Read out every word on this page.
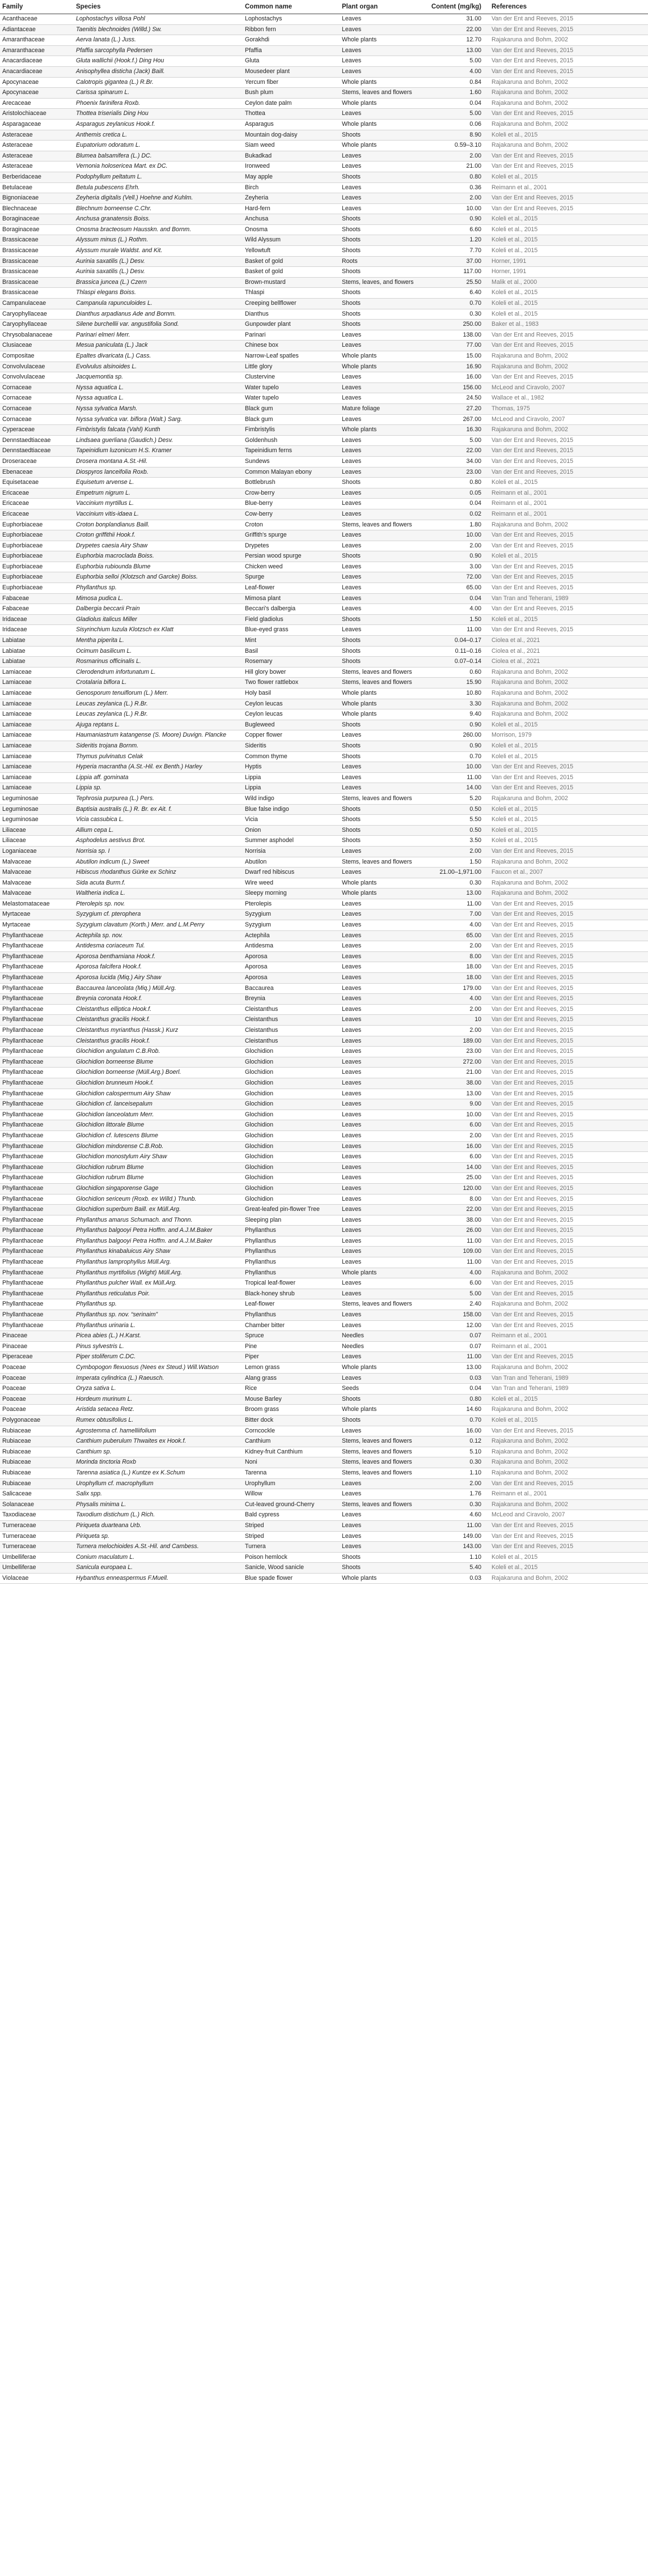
Family	Species	Common name	Plant organ	Content (mg/kg)	References
Acanthaceae	Lophostachys villosa Pohl	Lophostachys	Leaves	31.00	Van der Ent and Reeves, 2015
Adiantaceae	Taenitis blechnoides (Willd.) Sw.	Ribbon fern	Leaves	22.00	Van der Ent and Reeves, 2015
Amaranthaceae	Aerva lanata (L.) Juss.	Gorakhdi	Whole plants	12.70	Rajakaruna and Bohm, 2002
Amaranthaceae	Pfaffia sarcophylla Pedersen	Pfaffia	Leaves	13.00	Van der Ent and Reeves, 2015
Anacardiaceae	Gluta wallichii (Hook.f.) Ding Hou	Gluta	Leaves	5.00	Van der Ent and Reeves, 2015
Anacardiaceae	Anisophyllea disticha (Jack) Baill.	Mousedeer plant	Leaves	4.00	Van der Ent and Reeves, 2015
Apocynaceae	Calotropis gigantea (L.) R.Br.	Yercum fiber	Whole plants	0.84	Rajakaruna and Bohm, 2002
Apocynaceae	Carissa spinarum L.	Bush plum	Stems, leaves and flowers	1.60	Rajakaruna and Bohm, 2002
Arecaceae	Phoenix farinifera Roxb.	Ceylon date palm	Whole plants	0.04	Rajakaruna and Bohm, 2002
Aristolochiaceae	Thottea triserialis Ding Hou	Thottea	Leaves	5.00	Van der Ent and Reeves, 2015
Asparagaceae	Asparagus zeylanicus Hook.f.	Asparagus	Whole plants	0.06	Rajakaruna and Bohm, 2002
Asteraceae	Anthemis cretica L.	Mountain dog-daisy	Shoots	8.90	Koleli et al., 2015
Asteraceae	Eupatorium odoratum L.	Siam weed	Whole plants	0.59–3.10	Rajakaruna and Bohm, 2002
Asteraceae	Blumea balsamifera (L.) DC.	Bukadkad	Leaves	2.00	Van der Ent and Reeves, 2015
Asteraceae	Vernonia holosericea Mart. ex DC.	Ironweed	Leaves	21.00	Van der Ent and Reeves, 2015
Berberidaceae	Podophyllum peltatum L.	May apple	Shoots	0.80	Koleli et al., 2015
Betulaceae	Betula pubescens Ehrh.	Birch	Leaves	0.36	Reimann et al., 2001
Bignoniaceae	Zeyheria digitalis (Vell.) Hoehne and Kuhlm.	Zeyheria	Leaves	2.00	Van der Ent and Reeves, 2015
Blechnaceae	Blechnum borneense C.Chr.	Hard-fern	Leaves	10.00	Van der Ent and Reeves, 2015
Boraginaceae	Anchusa granatensis Boiss.	Anchusa	Shoots	0.90	Koleli et al., 2015
Boraginaceae	Onosma bracteosum Hausskn. and Bornm.	Onosma	Shoots	6.60	Koleli et al., 2015
Brassicaceae	Alyssum minus (L.) Rothm.	Wild Alyssum	Shoots	1.20	Koleli et al., 2015
Brassicaceae	Alyssum murale Waldst. and Kit.	Yellowtuft	Shoots	7.70	Koleli et al., 2015
Brassicaceae	Aurinia saxatilis (L.) Desv.	Basket of gold	Roots	37.00	Horner, 1991
Brassicaceae	Aurinia saxatilis (L.) Desv.	Basket of gold	Shoots	117.00	Horner, 1991
Brassicaceae	Brassica juncea (L.) Czern	Brown-mustard	Stems, leaves, and flowers	25.50	Malik et al., 2000
Brassicaceae	Thlaspi elegans Boiss.	Thlaspi	Shoots	6.40	Koleli et al., 2015
Campanulaceae	Campanula rapunculoides L.	Creeping bellflower	Shoots	0.70	Koleli et al., 2015
Caryophyllaceae	Dianthus arpadianus Ade and Bornm.	Dianthus	Shoots	0.30	Koleli et al., 2015
Caryophyllaceae	Silene burchellii var. angustifolia Sond.	Gunpowder plant	Shoots	250.00	Baker et al., 1983
Chrysobalanaceae	Parinari elmeri Merr.	Parinari	Leaves	138.00	Van der Ent and Reeves, 2015
Clusiaceae	Mesua paniculata (L.) Jack	Chinese box	Leaves	77.00	Van der Ent and Reeves, 2015
Compositae	Epaltes divaricata (L.) Cass.	Narrow-Leaf spatles	Whole plants	15.00	Rajakaruna and Bohm, 2002
Convolvulaceae	Evolvulus alsinoides L.	Little glory	Whole plants	16.90	Rajakaruna and Bohm, 2002
Convolvulaceae	Jacquemontia sp.	Clustervine	Leaves	16.00	Van der Ent and Reeves, 2015
Cornaceae	Nyssa aquatica L.	Water tupelo	Leaves	156.00	McLeod and Ciravolo, 2007
Cornaceae	Nyssa aquatica L.	Water tupelo	Leaves	24.50	Wallace et al., 1982
Cornaceae	Nyssa sylvatica Marsh.	Black gum	Mature foliage	27.20	Thomas, 1975
Cornaceae	Nyssa sylvatica var. biflora (Walt.) Sarg.	Black gum	Leaves	267.00	McLeod and Ciravolo, 2007
Cyperaceae	Fimbristylis falcata (Vahl) Kunth	Fimbristylis	Whole plants	16.30	Rajakaruna and Bohm, 2002
Dennstaedtiaceae	Lindsaea guerliana (Gaudich.) Desv.	Goldenhush	Leaves	5.00	Van der Ent and Reeves, 2015
Dennstaedtiaceae	Tapeinidium luzonicum H.S. Kramer	Tapeinidium ferns	Leaves	22.00	Van der Ent and Reeves, 2015
Droseraceae	Drosera montana A.St.-Hil.	Sundews	Leaves	34.00	Van der Ent and Reeves, 2015
Ebenaceae	Diospyros lanceifolia Roxb.	Common Malayan ebony	Leaves	23.00	Van der Ent and Reeves, 2015
Equisetaceae	Equisetum arvense L.	Bottlebrush	Shoots	0.80	Koleli et al., 2015
Ericaceae	Empetrum nigrum L.	Crow-berry	Leaves	0.05	Reimann et al., 2001
Ericaceae	Vaccinium myrtillus L.	Blue-berry	Leaves	0.04	Reimann et al., 2001
Ericaceae	Vaccinium vitis-idaea L.	Cow-berry	Leaves	0.02	Reimann et al., 2001
Euphorbiaceae	Croton bonplandianus Baill.	Croton	Stems, leaves and flowers	1.80	Rajakaruna and Bohm, 2002
Euphorbiaceae	Croton griffithii Hook.f.	Griffith's spurge	Leaves	10.00	Van der Ent and Reeves, 2015
Euphorbiaceae	Drypetes caesia Airy Shaw	Drypetes	Leaves	2.00	Van der Ent and Reeves, 2015
Euphorbiaceae	Euphorbia macroclada Boiss.	Persian wood spurge	Shoots	0.90	Koleli et al., 2015
Euphorbiaceae	Euphorbia rubiounda Blume	Chicken weed	Leaves	3.00	Van der Ent and Reeves, 2015
Euphorbiaceae	Euphorbia selloi (Klotzsch and Garcke) Boiss.	Spurge	Leaves	72.00	Van der Ent and Reeves, 2015
Euphorbiaceae	Phyllanthus sp.	Leaf-flower	Leaves	65.00	Van der Ent and Reeves, 2015
Fabaceae	Mimosa pudica L.	Mimosa plant	Leaves	0.04	Van Tran and Teherani, 1989
Fabaceae	Dalbergia beccarii Prain	Beccari's dalbergia	Leaves	4.00	Van der Ent and Reeves, 2015
Iridaceae	Gladiolus italicus Miller	Field gladiolus	Shoots	1.50	Koleli et al., 2015
Iridaceae	Sisyrinchium luzula Klotzsch ex Klatt	Blue-eyed grass	Leaves	11.00	Van der Ent and Reeves, 2015
Labiatae	Mentha piperita L.	Mint	Shoots	0.04–0.17	Ciolea et al., 2021
Labiatae	Ocimum basilicum L.	Basil	Shoots	0.11–0.16	Ciolea et al., 2021
Labiatae	Rosmarinus officinalis L.	Rosemary	Shoots	0.07–0.14	Ciolea et al., 2021
Lamiaceae	Clerodendrum infortunatum L.	Hill glory bower	Stems, leaves and flowers	0.60	Rajakaruna and Bohm, 2002
Lamiaceae	Crotalaria biflora L.	Two flower rattlebox	Stems, leaves and flowers	15.90	Rajakaruna and Bohm, 2002
Lamiaceae	Genosporum tenuiflorum (L.) Merr.	Holy basil	Whole plants	10.80	Rajakaruna and Bohm, 2002
Lamiaceae	Leucas zeylanica (L.) R.Br.	Ceylon leucas	Whole plants	3.30	Rajakaruna and Bohm, 2002
Lamiaceae	Leucas zeylanica (L.) R.Br.	Ceylon leucas	Whole plants	9.40	Rajakaruna and Bohm, 2002
Lamiaceae	Ajuga reptans L.	Bugleweed	Shoots	0.90	Koleli et al., 2015
Lamiaceae	Haumaniastrum katangense (S. Moore) Duvign. Plancke	Copper flower	Leaves	260.00	Morrison, 1979
Lamiaceae	Sideritis trojana Bornm.	Sideritis	Shoots	0.90	Koleli et al., 2015
Lamiaceae	Thymus pulvinatus Celak	Common thyme	Shoots	0.70	Koleli et al., 2015
Lamiaceae	Hyperia macrantha (A.St.-Hil. ex Benth.) Harley	Hyptis	Leaves	10.00	Van der Ent and Reeves, 2015
Lamiaceae	Lippia aff. gominata	Lippia	Leaves	11.00	Van der Ent and Reeves, 2015
Lamiaceae	Lippia sp.	Lippia	Leaves	14.00	Van der Ent and Reeves, 2015
Leguminosae	Tephrosia purpurea (L.) Pers.	Wild indigo	Stems, leaves and flowers	5.20	Rajakaruna and Bohm, 2002
Leguminosae	Baptisia australis (L.) R. Br. ex Ait. f.	Blue false indigo	Shoots	0.50	Koleli et al., 2015
Leguminosae	Vicia cassubica L.	Vicia	Shoots	5.50	Koleli et al., 2015
Liliaceae	Allium cepa L.	Onion	Shoots	0.50	Koleli et al., 2015
Liliaceae	Asphodelus aestivus Brot.	Summer asphodel	Shoots	3.50	Koleli et al., 2015
Loganiaceae	Norrisia sp. I	Norrisia	Leaves	2.00	Van der Ent and Reeves, 2015
Malvaceae	Abutilon indicum (L.) Sweet	Abutilon	Stems, leaves and flowers	1.50	Rajakaruna and Bohm, 2002
Malvaceae	Hibiscus rhodanthus Gürke ex Schinz	Dwarf red hibiscus	Leaves	21.00–1,971.00	Faucon et al., 2007
Malvaceae	Sida acuta Burm.f.	Wire weed	Whole plants	0.30	Rajakaruna and Bohm, 2002
Malvaceae	Waltheria indica L.	Sleepy morning	Whole plants	13.00	Rajakaruna and Bohm, 2002
Melastomataceae	Pterolepis sp. nov.	Pterolepis	Leaves	11.00	Van der Ent and Reeves, 2015
Myrtaceae	Syzygium cf. pterophera	Syzygium	Leaves	7.00	Van der Ent and Reeves, 2015
Myrtaceae	Syzygium clavatum (Korth.) Merr. and L.M.Perry	Syzygium	Leaves	4.00	Van der Ent and Reeves, 2015
Phyllanthaceae	Actephila sp. nov.	Actephila	Leaves	65.00	Van der Ent and Reeves, 2015
Phyllanthaceae	Antidesma coriaceum Tul.	Antidesma	Leaves	2.00	Van der Ent and Reeves, 2015
Phyllanthaceae	Aporosa benthamiana Hook.f.	Aporosa	Leaves	8.00	Van der Ent and Reeves, 2015
Phyllanthaceae	Aporosa falcifera Hook.f.	Aporosa	Leaves	18.00	Van der Ent and Reeves, 2015
Phyllanthaceae	Aporosa lucida (Miq.) Airy Shaw	Aporosa	Leaves	18.00	Van der Ent and Reeves, 2015
Phyllanthaceae	Baccaurea lanceolata (Miq.) Müll.Arg.	Baccaurea	Leaves	179.00	Van der Ent and Reeves, 2015
Phyllanthaceae	Breynia coronata Hook.f.	Breynia	Leaves	4.00	Van der Ent and Reeves, 2015
Phyllanthaceae	Cleistanthus elliptica Hook.f.	Cleistanthus	Leaves	2.00	Van der Ent and Reeves, 2015
Phyllanthaceae	Cleistanthus gracilis Hook.f.	Cleistanthus	Leaves	10	Van der Ent and Reeves, 2015
Phyllanthaceae	Cleistanthus myrianthus (Hassk.) Kurz	Cleistanthus	Leaves	2.00	Van der Ent and Reeves, 2015
Phyllanthaceae	Cleistanthus gracilis Hook.f.	Cleistanthus	Leaves	189.00	Van der Ent and Reeves, 2015
Phyllanthaceae	Glochidion angulatum C.B.Rob.	Glochidion	Leaves	23.00	Van der Ent and Reeves, 2015
Phyllanthaceae	Glochidion borneense Blume	Glochidion	Leaves	272.00	Van der Ent and Reeves, 2015
Phyllanthaceae	Glochidion borneense (Müll.Arg.) Boerl.	Glochidion	Leaves	21.00	Van der Ent and Reeves, 2015
Phyllanthaceae	Glochidion brunneum Hook.f.	Glochidion	Leaves	38.00	Van der Ent and Reeves, 2015
Phyllanthaceae	Glochidion calospermum Airy Shaw	Glochidion	Leaves	13.00	Van der Ent and Reeves, 2015
Phyllanthaceae	Glochidion cf. lanceisepalum	Glochidion	Leaves	9.00	Van der Ent and Reeves, 2015
Phyllanthaceae	Glochidion lanceolatum Merr.	Glochidion	Leaves	10.00	Van der Ent and Reeves, 2015
Phyllanthaceae	Glochidion littorale Blume	Glochidion	Leaves	6.00	Van der Ent and Reeves, 2015
Phyllanthaceae	Glochidion cf. lutescens Blume	Glochidion	Leaves	2.00	Van der Ent and Reeves, 2015
Phyllanthaceae	Glochidion mindorense C.B.Rob.	Glochidion	Leaves	16.00	Van der Ent and Reeves, 2015
Phyllanthaceae	Glochidion monostylum Airy Shaw	Glochidion	Leaves	6.00	Van der Ent and Reeves, 2015
Phyllanthaceae	Glochidion rubrum Blume	Glochidion	Leaves	14.00	Van der Ent and Reeves, 2015
Phyllanthaceae	Glochidion rubrum Blume	Glochidion	Leaves	25.00	Van der Ent and Reeves, 2015
Phyllanthaceae	Glochidion singaporense Gage	Glochidion	Leaves	120.00	Van der Ent and Reeves, 2015
Phyllanthaceae	Glochidion sericeum (Roxb. ex Willd.) Thunb.	Glochidion	Leaves	8.00	Van der Ent and Reeves, 2015
Phyllanthaceae	Glochidion superbum Baill. ex Müll.Arg.	Great-leafed pin-flower Tree	Leaves	22.00	Van der Ent and Reeves, 2015
Phyllanthaceae	Phyllanthus amarus Schumach. and Thonn.	Sleeping plan	Leaves	38.00	Van der Ent and Reeves, 2015
Phyllanthaceae	Phyllanthus balgooyi Petra Hoffm. and A.J.M.Baker	Phyllanthus	Leaves	26.00	Van der Ent and Reeves, 2015
Phyllanthaceae	Phyllanthus balgooyi Petra Hoffm. and A.J.M.Baker	Phyllanthus	Leaves	11.00	Van der Ent and Reeves, 2015
Phyllanthaceae	Phyllanthus kinabaluicus Airy Shaw	Phyllanthus	Leaves	109.00	Van der Ent and Reeves, 2015
Phyllanthaceae	Phyllanthus lamprophyllus Müll.Arg.	Phyllanthus	Leaves	11.00	Van der Ent and Reeves, 2015
Phyllanthaceae	Phyllanthus myrtifolius (Wight) Müll.Arg.	Phyllanthus	Whole plants	4.00	Rajakaruna and Bohm, 2002
Phyllanthaceae	Phyllanthus pulcher Wall. ex Müll.Arg.	Tropical leaf-flower	Leaves	6.00	Van der Ent and Reeves, 2015
Phyllanthaceae	Phyllanthus reticulatus Poir.	Black-honey shrub	Leaves	5.00	Van der Ent and Reeves, 2015
Phyllanthaceae	Phyllanthus sp.	Leaf-flower	Stems, leaves and flowers	2.40	Rajakaruna and Bohm, 2002
Phyllanthaceae	Phyllanthus sp. nov. “serinaim”	Phyllanthus	Leaves	158.00	Van der Ent and Reeves, 2015
Phyllanthaceae	Phyllanthus urinaria L.	Chamber bitter	Leaves	12.00	Van der Ent and Reeves, 2015
Pinaceae	Picea abies (L.) H.Karst.	Spruce	Needles	0.07	Reimann et al., 2001
Pinaceae	Pinus sylvestris L.	Pine	Needles	0.07	Reimann et al., 2001
Piperaceae	Piper stoliferum C.DC.	Piper	Leaves	11.00	Van der Ent and Reeves, 2015
Poaceae	Cymbopogon flexuosus (Nees ex Steud.) Will.Watson	Lemon grass	Whole plants	13.00	Rajakaruna and Bohm, 2002
Poaceae	Imperata cylindrica (L.) Raeusch.	Alang grass	Leaves	0.03	Van Tran and Teherani, 1989
Poaceae	Oryza sativa L.	Rice	Seeds	0.04	Van Tran and Teherani, 1989
Poaceae	Hordeum murinum L.	Mouse Barley	Shoots	0.80	Koleli et al., 2015
Poaceae	Aristida setacea Retz.	Broom grass	Whole plants	14.60	Rajakaruna and Bohm, 2002
Polygonaceae	Rumex obtusifolius L.	Bitter dock	Shoots	0.70	Koleli et al., 2015
Rubiaceae	Agrostemma cf. hamelliifolium	Corncockle	Leaves	16.00	Van der Ent and Reeves, 2015
Rubiaceae	Canthium puberulum Thwaites ex Hook.f.	Canthium	Stems, leaves and flowers	0.12	Rajakaruna and Bohm, 2002
Rubiaceae	Canthium sp.	Kidney-fruit Canthium	Stems, leaves and flowers	5.10	Rajakaruna and Bohm, 2002
Rubiaceae	Morinda tinctoria Roxb	Noni	Stems, leaves and flowers	0.30	Rajakaruna and Bohm, 2002
Rubiaceae	Tarenna asiatica (L.) Kuntze ex K.Schum	Tarenna	Stems, leaves and flowers	1.10	Rajakaruna and Bohm, 2002
Rubiaceae	Urophyllum cf. macrophyllum	Urophyllum	Leaves	2.00	Van der Ent and Reeves, 2015
Salicaceae	Salix spp.	Willow	Leaves	1.76	Reimann et al., 2001
Solanaceae	Physalis minima L.	Cut-leaved ground-Cherry	Stems, leaves and flowers	0.30	Rajakaruna and Bohm, 2002
Taxodiaceae	Taxodium distichum (L.) Rich.	Bald cypress	Leaves	4.60	McLeod and Ciravolo, 2007
Turneraceae	Piriqueta duarteana Urb.	Striped	Leaves	11.00	Van der Ent and Reeves, 2015
Turneraceae	Piriqueta sp.	Striped	Leaves	149.00	Van der Ent and Reeves, 2015
Turneraceae	Turnera melochioides A.St.-Hil. and Cambess.	Turnera	Leaves	143.00	Van der Ent and Reeves, 2015
Umbelliferae	Conium maculatum L.	Poison hemlock	Shoots	1.10	Koleli et al., 2015
Umbelliferae	Sanicula europaea L.	Sanicle, Wood sanicle	Shoots	5.40	Koleli et al., 2015
Violaceae	Hybanthus enneaspermus F.Muell.	Blue spade flower	Whole plants	0.03	Rajakaruna and Bohm, 2002
